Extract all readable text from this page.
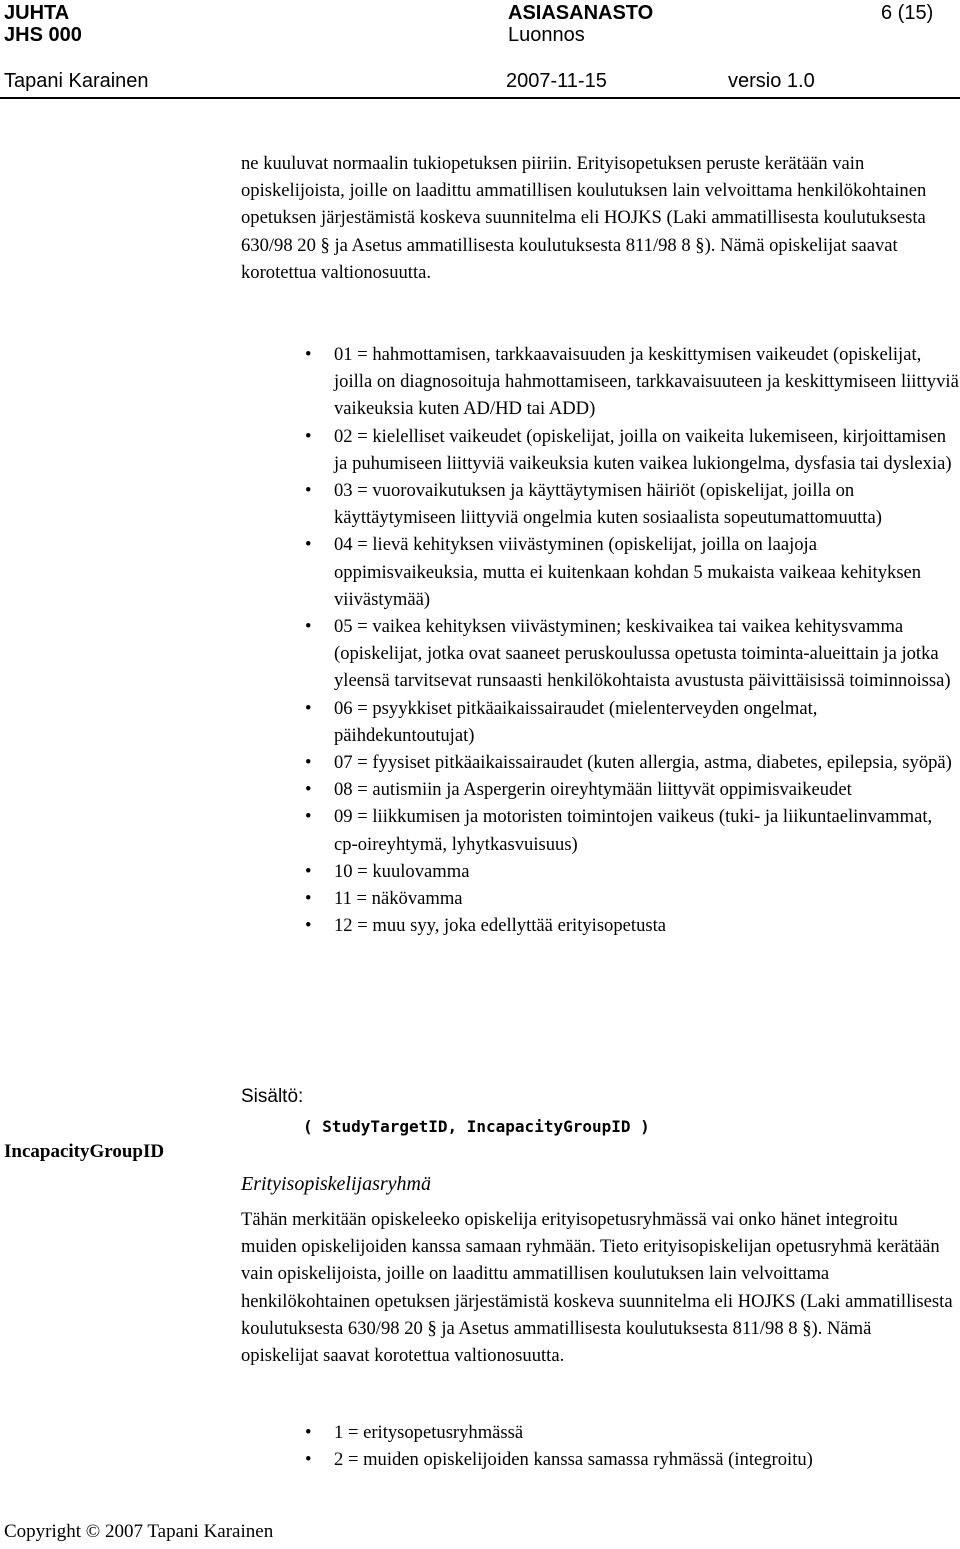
JUHTA
JHS 000
ASIASANASTO
Luonnos
6 (15)
Tapani Karainen	2007-11-15	versio 1.0

ne kuuluvat normaalin tukiopetuksen piiriin. Erityisopetuksen peruste kerätään vain opiskelijoista, joille on laadittu ammatillisen koulutuksen lain velvoittama henkilökohtainen opetuksen järjestämistä koskeva suunnitelma eli HOJKS (Laki ammatillisesta koulutuksesta 630/98 20 § ja Asetus ammatillisesta koulutuksesta 811/98 8 §). Nämä opiskelijat saavat korotettua valtionosuutta.

• 01 = hahmottamisen, tarkkaavaisuuden ja keskittymisen vaikeudet (opiskelijat, joilla on diagnosoituja hahmottamiseen, tarkkavaisuuteen ja keskittymiseen liittyviä vaikeuksia kuten AD/HD tai ADD)
• 02 = kielelliset vaikeudet (opiskelijat, joilla on vaikeita lukemiseen, kirjoittamisen ja puhumiseen liittyviä vaikeuksia kuten vaikea lukiongelma, dysfasia tai dyslexia)
• 03 = vuorovaikutuksen ja käyttäytymisen häiriöt (opiskelijat, joilla on käyttäytymiseen liittyviä ongelmia kuten sosiaalista sopeutumattomuutta)
• 04 = lievä kehityksen viivästyminen (opiskelijat, joilla on laajoja oppimisvaikeuksia, mutta ei kuitenkaan kohdan 5 mukaista vaikeaa kehityksen viivästymää)
• 05 = vaikea kehityksen viivästyminen; keskivaikea tai vaikea kehitysvamma (opiskelijat, jotka ovat saaneet peruskoulussa opetusta toiminta-alueittain ja jotka yleensä tarvitsevat runsaasti henkilökohtaista avustusta päivittäisissä toiminnoissa)
• 06 = psyykkiset pitkäaikaissairaudet (mielenterveyden ongelmat, päihdekuntoutujat)
• 07 = fyysiset pitkäaikaissairaudet (kuten allergia, astma, diabetes, epilepsia, syöpä)
• 08 = autismiin ja Aspergerin oireyhtymään liittyvät oppimisvaikeudet
• 09 = liikkumisen ja motoristen toimintojen vaikeus (tuki- ja liikuntaelinvammat, cp-oireyhtymä, lyhytkasvuisuus)
• 10 = kuulovamma
• 11 = näkövamma
• 12 = muu syy, joka edellyttää erityisopetusta
Sisältö:
( StudyTargetID, IncapacityGroupID )
IncapacityGroupID
Erityisopiskelijasryhmä

Tähän merkitään opiskeleeko opiskelija erityisopetusryhmässä vai onko hänet integroitu muiden opiskelijoiden kanssa samaan ryhmään. Tieto erityisopiskelijan opetusryhmä kerätään vain opiskelijoista, joille on laadittu ammatillisen koulutuksen lain velvoittama henkilökohtainen opetuksen järjestämistä koskeva suunnitelma eli HOJKS (Laki ammatillisesta koulutuksesta 630/98 20 § ja Asetus ammatillisesta koulutuksesta 811/98 8 §). Nämä opiskelijat saavat korotettua valtionosuutta.

• 1 = eritysopetusryhmässä
• 2 = muiden opiskelijoiden kanssa samassa ryhmässä (integroitu)
Copyright © 2007 Tapani Karainen
